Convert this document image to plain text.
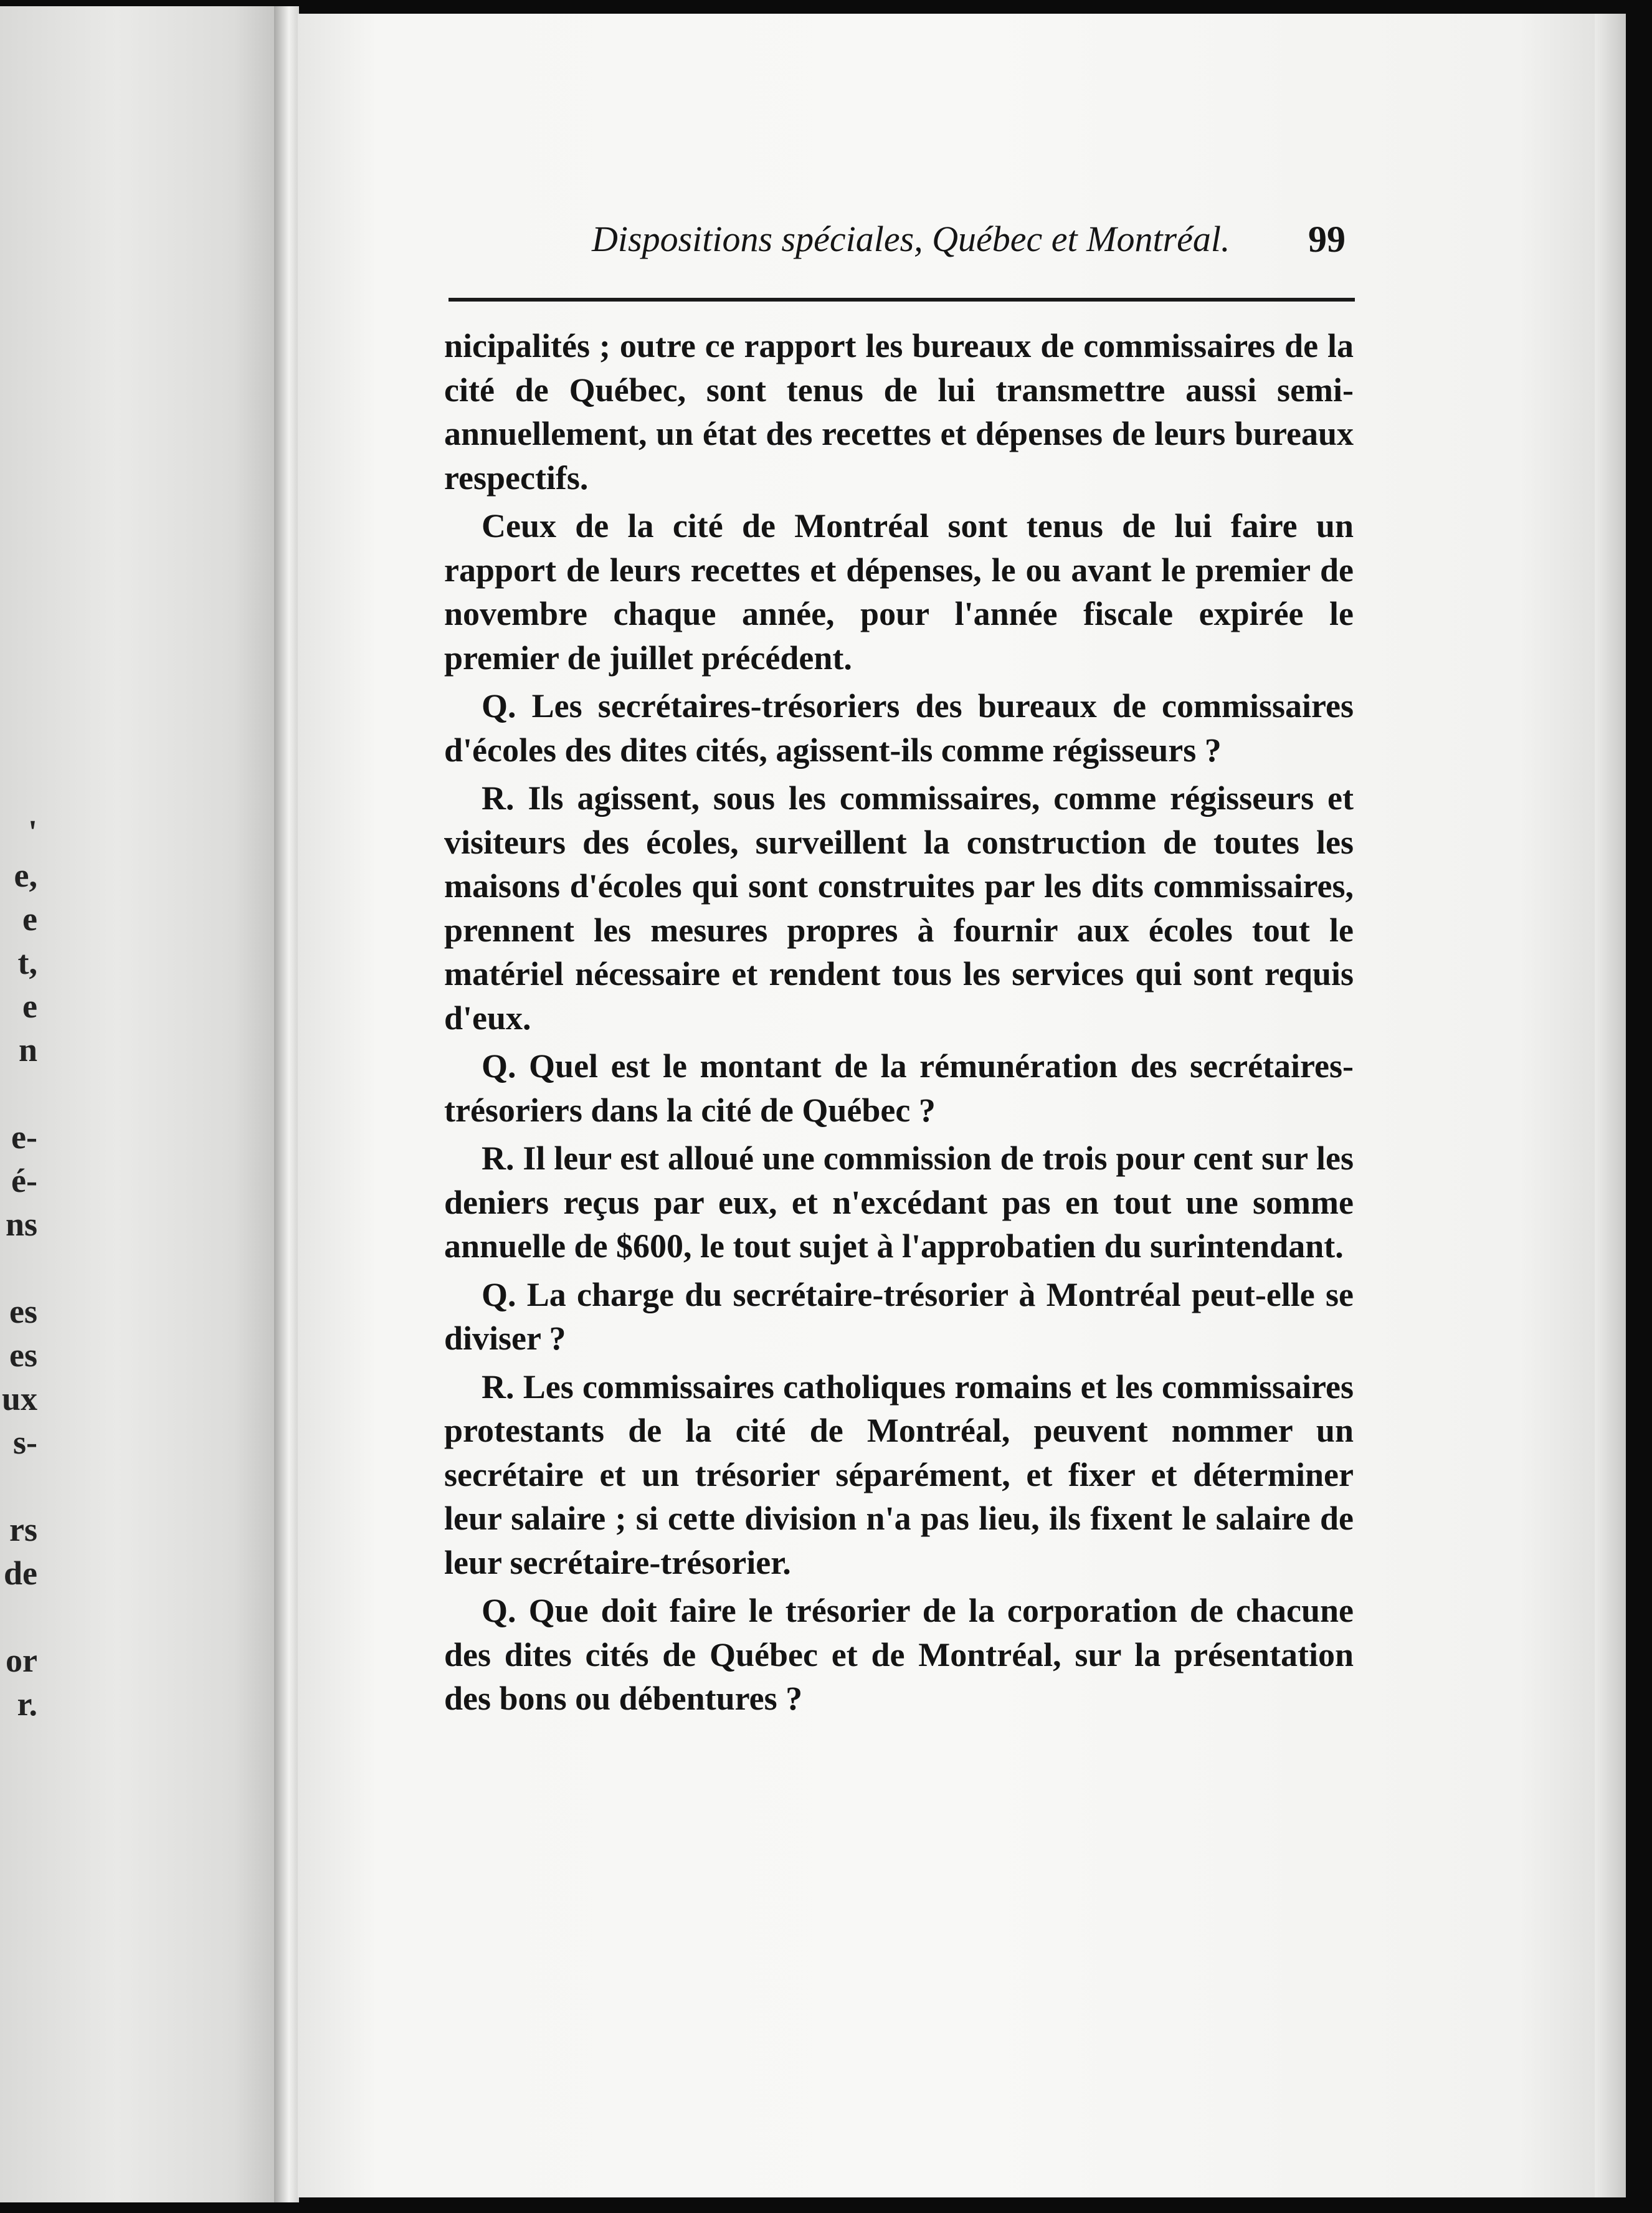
'
e,
e
t,
e
n
e-
é-
ns
es
es
ux
s-
rs
de
or
r.
Dispositions spéciales, Québec et Montréal. 99

nicipalités ; outre ce rapport les bureaux de commissaires de la cité de Québec, sont tenus de lui transmettre aussi semi-annuellement, un état des recettes et dépenses de leurs bureaux respectifs.

Ceux de la cité de Montréal sont tenus de lui faire un rapport de leurs recettes et dépenses, le ou avant le premier de novembre chaque année, pour l'année fiscale expirée le premier de juillet précédent.

Q. Les secrétaires-trésoriers des bureaux de commissaires d'écoles des dites cités, agissent-ils comme régisseurs ?

R. Ils agissent, sous les commissaires, comme régisseurs et visiteurs des écoles, surveillent la construction de toutes les maisons d'écoles qui sont construites par les dits commissaires, prennent les mesures propres à fournir aux écoles tout le matériel nécessaire et rendent tous les services qui sont requis d'eux.

Q. Quel est le montant de la rémunération des secrétaires-trésoriers dans la cité de Québec ?

R. Il leur est alloué une commission de trois pour cent sur les deniers reçus par eux, et n'excédant pas en tout une somme annuelle de $600, le tout sujet à l'approbatien du surintendant.

Q. La charge du secrétaire-trésorier à Montréal peut-elle se diviser ?

R. Les commissaires catholiques romains et les commissaires protestants de la cité de Montréal, peuvent nommer un secrétaire et un trésorier séparément, et fixer et déterminer leur salaire ; si cette division n'a pas lieu, ils fixent le salaire de leur secrétaire-trésorier.

Q. Que doit faire le trésorier de la corporation de chacune des dites cités de Québec et de Montréal, sur la présentation des bons ou débentures ?
